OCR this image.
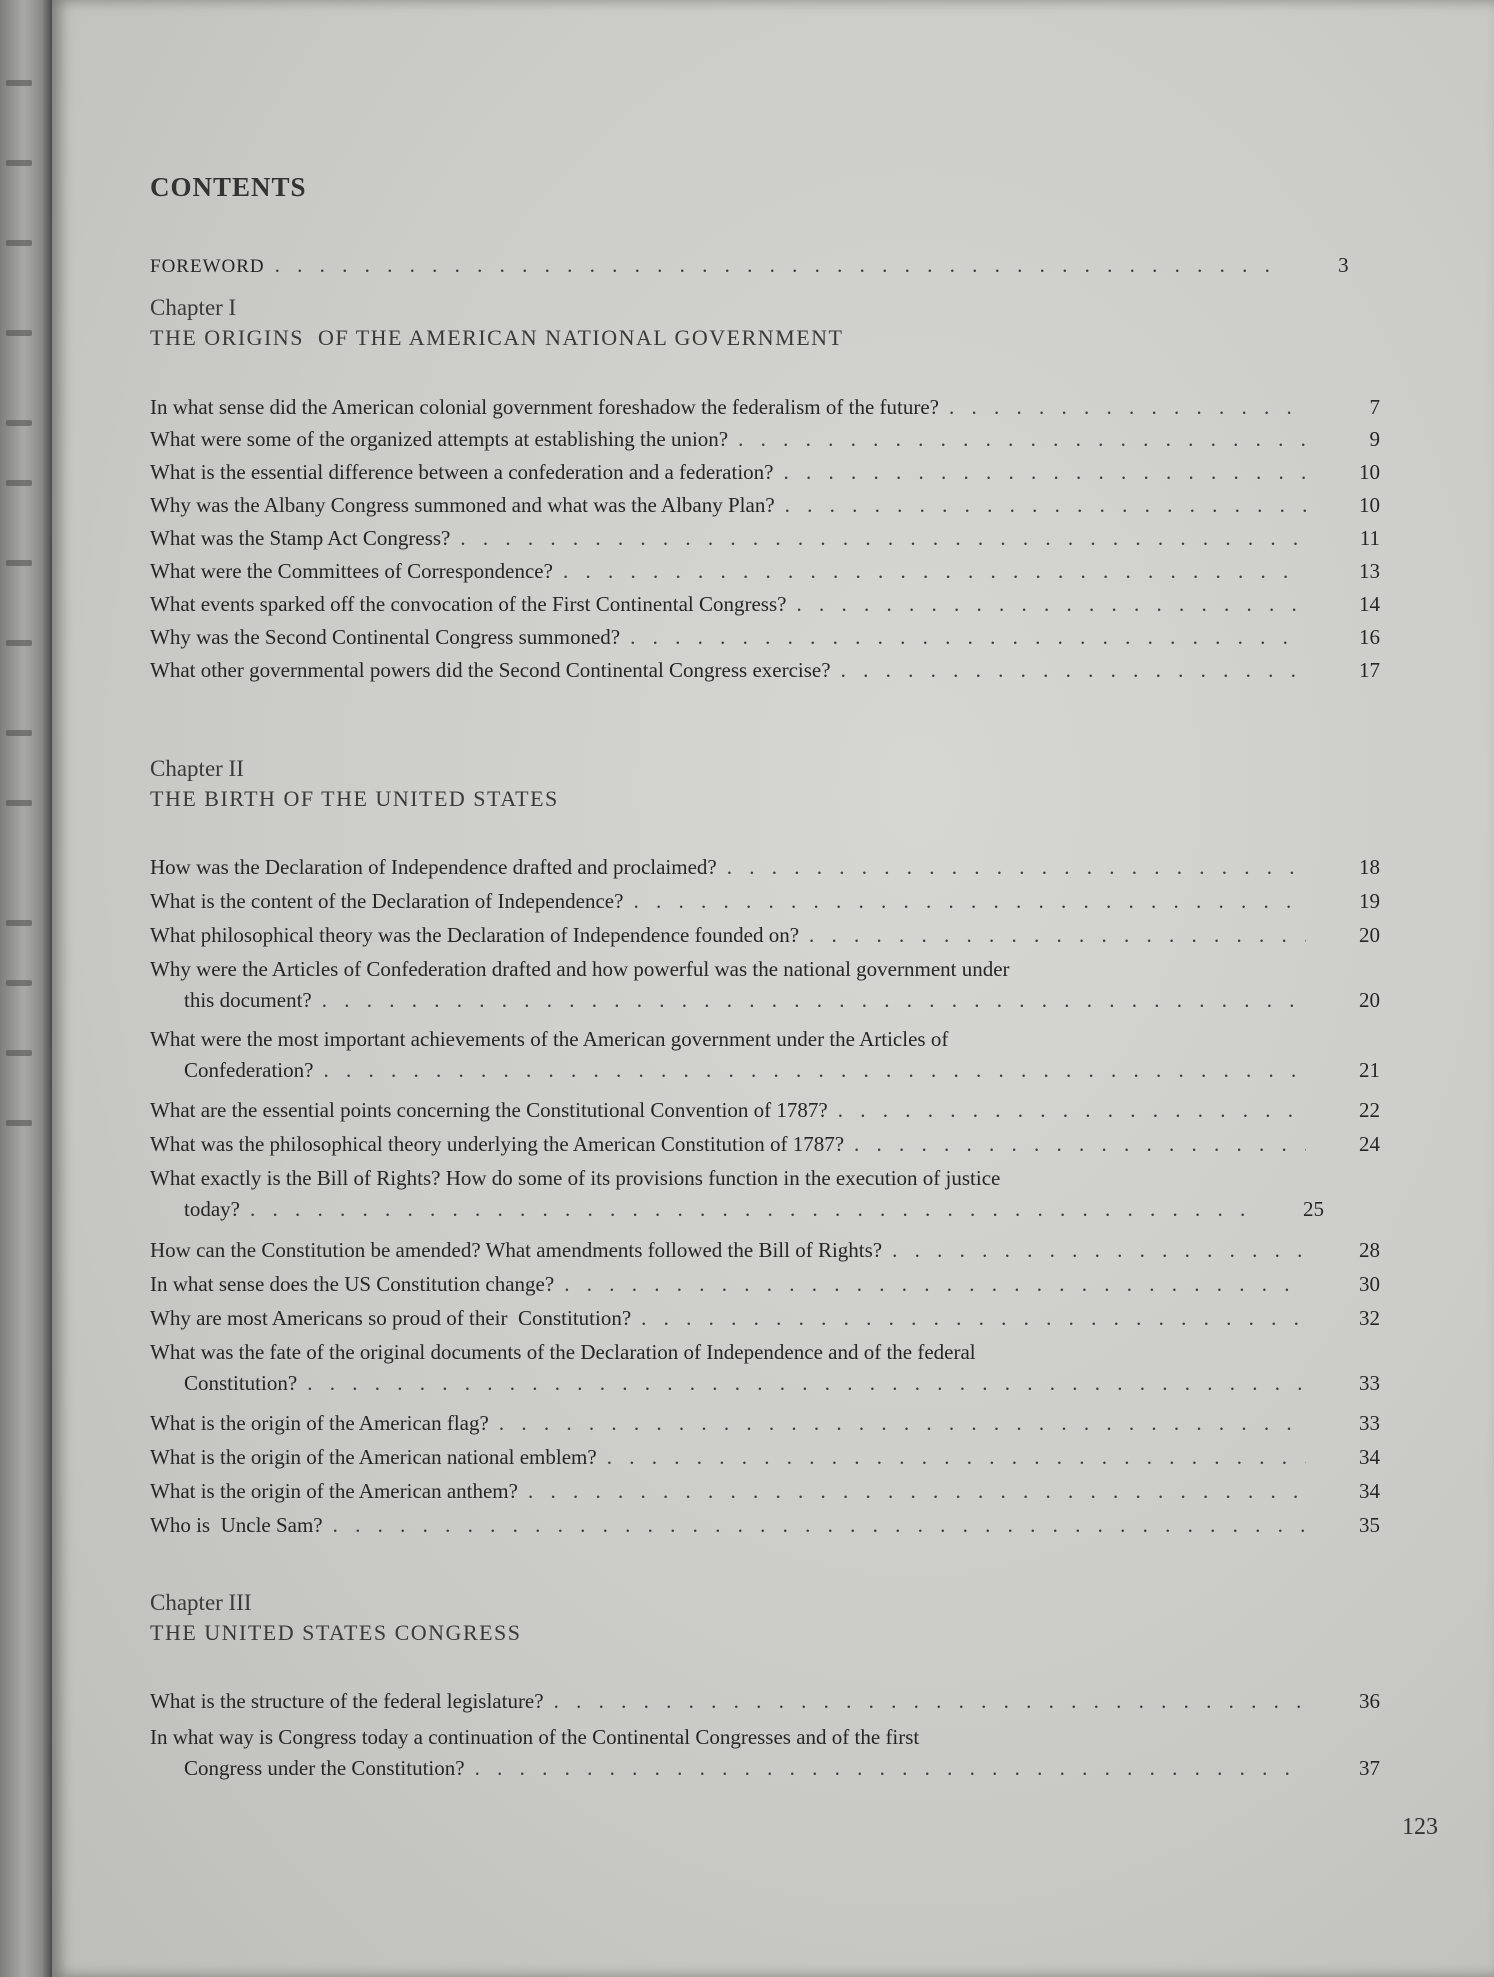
CONTENTS
FOREWORD . . .	3
Chapter I
THE ORIGINS  OF THE AMERICAN NATIONAL GOVERNMENT
In what sense did the American colonial government foreshadow the federalism of the future? . . .	7
What were some of the organized attempts at establishing the union? . . .	9
What is the essential difference between a confederation and a federation? . . .	10
Why was the Albany Congress summoned and what was the Albany Plan? . . .	10
What was the Stamp Act Congress? . . .	11
What were the Committees of Correspondence? . . .	13
What events sparked off the convocation of the First Continental Congress? . . .	14
Why was the Second Continental Congress summoned? . . .	16
What other governmental powers did the Second Continental Congress exercise? . . .	17
Chapter II
THE BIRTH OF THE UNITED STATES
How was the Declaration of Independence drafted and proclaimed? . . .	18
What is the content of the Declaration of Independence? . . .	19
What philosophical theory was the Declaration of Independence founded on? . . .	20
Why were the Articles of Confederation drafted and how powerful was the national government under
this document? . . .	20
What were the most important achievements of the American government under the Articles of
Confederation? . . .	21
What are the essential points concerning the Constitutional Convention of 1787? . . .	22
What was the philosophical theory underlying the American Constitution of 1787? . . .	24
What exactly is the Bill of Rights? How do some of its provisions function in the execution of justice
today? . . .	25
How can the Constitution be amended? What amendments followed the Bill of Rights? . . .	28
In what sense does the US Constitution change? . . .	30
Why are most Americans so proud of their  Constitution? . . .	32
What was the fate of the original documents of the Declaration of Independence and of the federal
Constitution? . . .	33
What is the origin of the American flag? . . .	33
What is the origin of the American national emblem? . . .	34
What is the origin of the American anthem? . . .	34
Who is  Uncle Sam? . . .	35
Chapter III
THE UNITED STATES CONGRESS
What is the structure of the federal legislature? . . .	36
In what way is Congress today a continuation of the Continental Congresses and of the first
Congress under the Constitution? . . .	37
123
